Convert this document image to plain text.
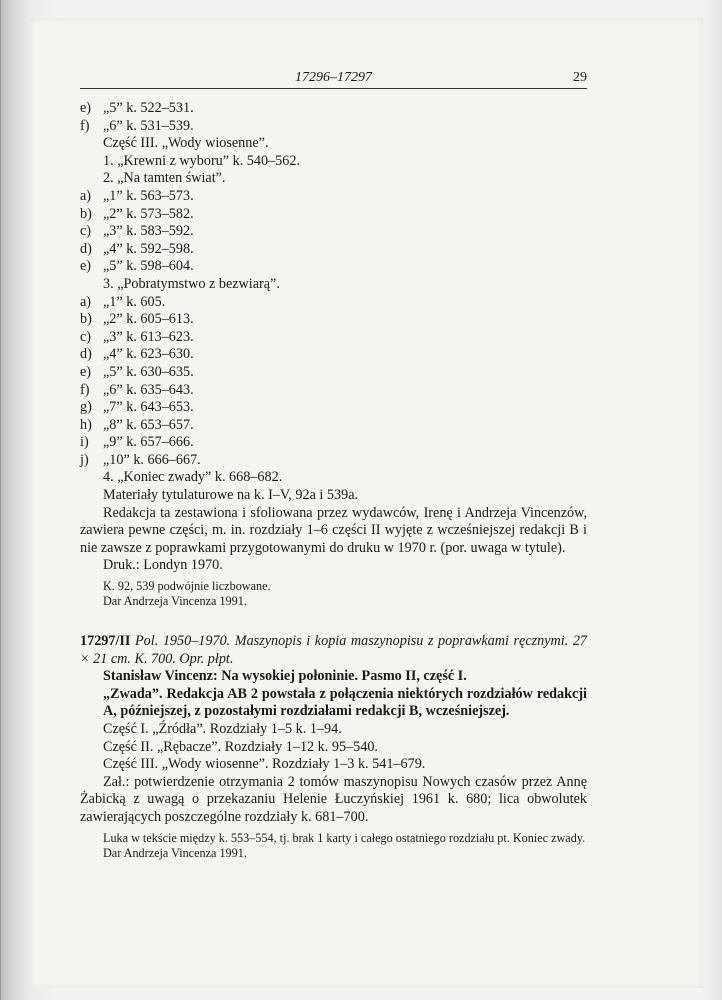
17296–17297	29
e) „5” k. 522–531.
f) „6” k. 531–539.
Część III. „Wody wiosenne”.
1. „Krewni z wyboru” k. 540–562.
2. „Na tamten świat”.
a) „1” k. 563–573.
b) „2” k. 573–582.
c) „3” k. 583–592.
d) „4” k. 592–598.
e) „5” k. 598–604.
3. „Pobratymstwo z bezwiarą”.
a) „1” k. 605.
b) „2” k. 605–613.
c) „3” k. 613–623.
d) „4” k. 623–630.
e) „5” k. 630–635.
f) „6” k. 635–643.
g) „7” k. 643–653.
h) „8” k. 653–657.
i) „9” k. 657–666.
j) „10” k. 666–667.
4. „Koniec zwady” k. 668–682.
Materiały tytulaturowe na k. I–V, 92a i 539a.
Redakcja ta zestawiona i sfoliowana przez wydawców, Irenę i Andrzeja Vincenzów, zawiera pewne części, m. in. rozdziały 1–6 części II wyjęte z wcześniejszej redakcji B i nie zawsze z poprawkami przygotowanymi do druku w 1970 r. (por. uwaga w tytule).
Druk.: Londyn 1970.
K. 92, 539 podwójnie liczbowane.
Dar Andrzeja Vincenza 1991.
17297/II Pol. 1950–1970. Maszynopis i kopia maszynopisu z poprawkami ręcznymi. 27 × 21 cm. K. 700. Opr. płpt.
Stanisław Vincenz: Na wysokiej połoninie. Pasmo II, część I.
„Zwada”. Redakcja AB 2 powstała z połączenia niektórych rozdziałów redakcji A, późniejszej, z pozostałymi rozdziałami redakcji B, wcześniejszej.
Część I. „Źródła”. Rozdziały 1–5 k. 1–94.
Część II. „Rębacze”. Rozdziały 1–12 k. 95–540.
Część III. „Wody wiosenne”. Rozdziały 1–3 k. 541–679.
Zał.: potwierdzenie otrzymania 2 tomów maszynopisu Nowych czasów przez Annę Żabicką z uwagą o przekazaniu Helenie Łuczyńskiej 1961 k. 680; lica obwolutek zawierających poszczególne rozdziały k. 681–700.
Luka w tekście między k. 553–554, tj. brak 1 karty i całego ostatniego rozdziału pt. Koniec zwady.
Dar Andrzeja Vincenza 1991.
